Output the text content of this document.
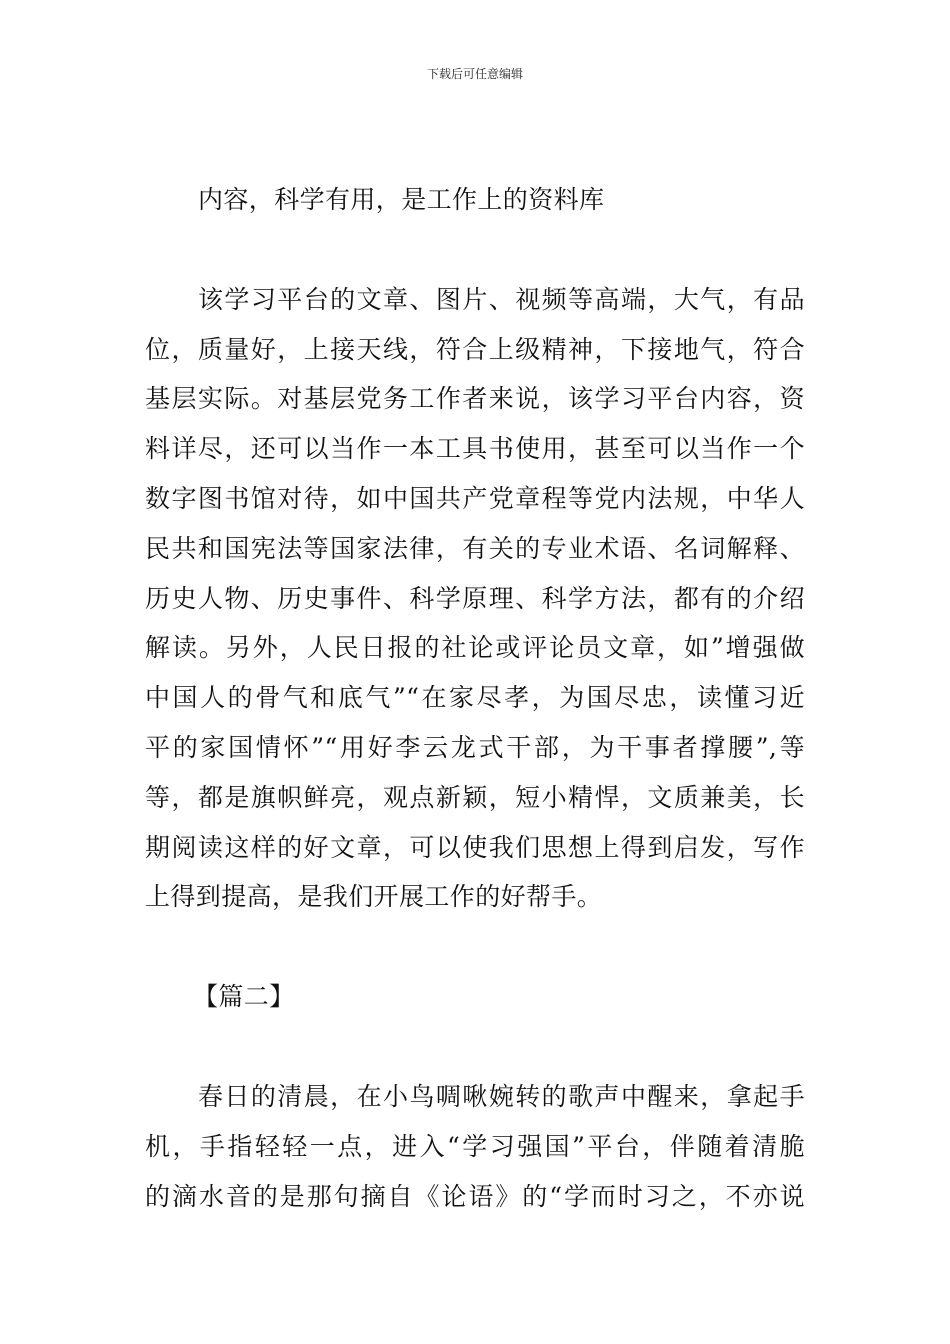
下载后可任意编辑
内容，科学有用，是工作上的资料库
该学习平台的文章、图片、视频等高端，大气，有品
位，质量好，上接天线，符合上级精神，下接地气，符合
基层实际。对基层党务工作者来说，该学习平台内容，资
料详尽，还可以当作一本工具书使用，甚至可以当作一个
数字图书馆对待，如中国共产党章程等党内法规，中华人
民共和国宪法等国家法律，有关的专业术语、名词解释、
历史人物、历史事件、科学原理、科学方法，都有的介绍
解读。另外，人民日报的社论或评论员文章，如”增强做
中国人的骨气和底气”“在家尽孝，为国尽忠，读懂习近
平的家国情怀”“用好李云龙式干部，为干事者撑腰”,等
等，都是旗帜鲜亮，观点新颖，短小精悍，文质兼美，长
期阅读这样的好文章，可以使我们思想上得到启发，写作
上得到提高，是我们开展工作的好帮手。
【篇二】
春日的清晨，在小鸟啁啾婉转的歌声中醒来，拿起手
机，手指轻轻一点，进入“学习强国”平台，伴随着清脆
的滴水音的是那句摘自《论语》的“学而时习之，不亦说
